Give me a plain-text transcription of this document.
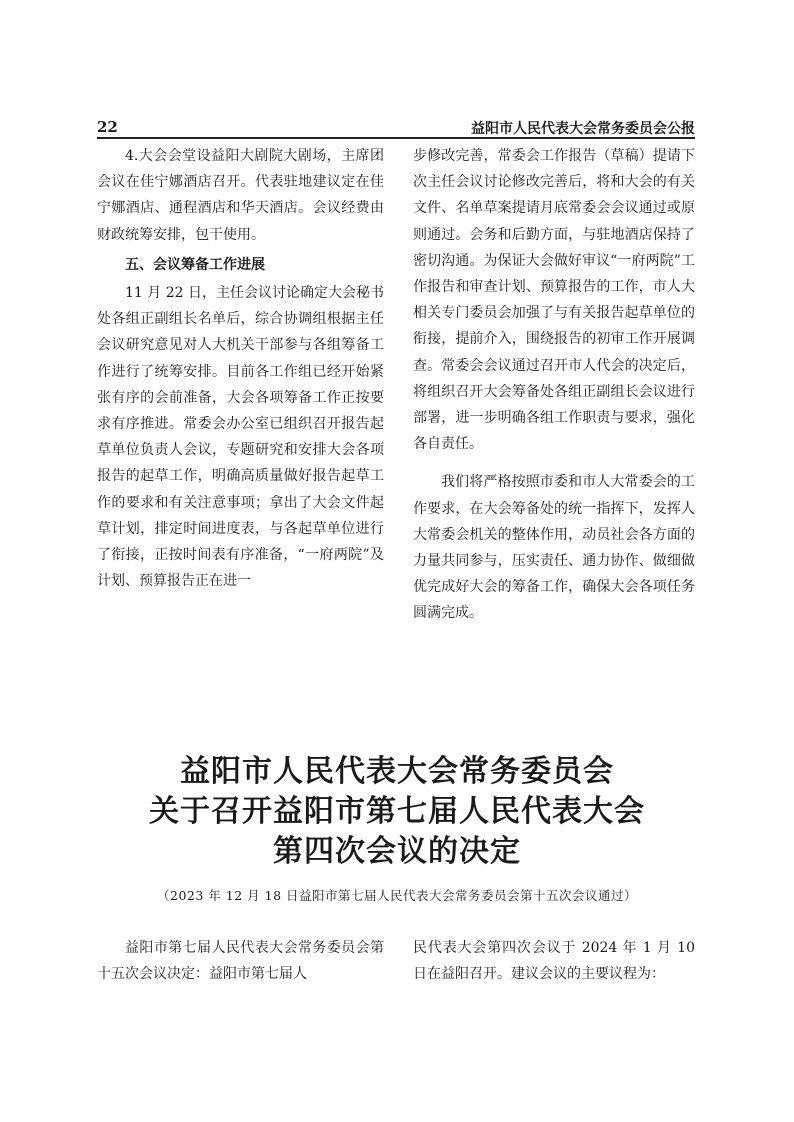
22	益阳市人民代表大会常务委员会公报

4.大会会堂设益阳大剧院大剧场，主席团会议在佳宁娜酒店召开。代表驻地建议定在佳宁娜酒店、通程酒店和华天酒店。会议经费由财政统筹安排，包干使用。

五、会议筹备工作进展

11 月 22 日，主任会议讨论确定大会秘书处各组正副组长名单后，综合协调组根据主任会议研究意见对人大机关干部参与各组筹备工作进行了统筹安排。目前各工作组已经开始紧张有序的会前准备，大会各项筹备工作正按要求有序推进。常委会办公室已组织召开报告起草单位负责人会议，专题研究和安排大会各项报告的起草工作，明确高质量做好报告起草工作的要求和有关注意事项；拿出了大会文件起草计划，排定时间进度表，与各起草单位进行了衔接，正按时间表有序准备，“一府两院”及计划、预算报告正在进一

步修改完善，常委会工作报告（草稿）提请下次主任会议讨论修改完善后，将和大会的有关文件、名单草案提请月底常委会会议通过或原则通过。会务和后勤方面，与驻地酒店保持了密切沟通。为保证大会做好审议“一府两院”工作报告和审查计划、预算报告的工作，市人大相关专门委员会加强了与有关报告起草单位的衔接，提前介入，围绕报告的初审工作开展调查。常委会会议通过召开市人代会的决定后，将组织召开大会筹备处各组正副组长会议进行部署，进一步明确各组工作职责与要求，强化各自责任。

我们将严格按照市委和市人大常委会的工作要求，在大会筹备处的统一指挥下，发挥人大常委会机关的整体作用，动员社会各方面的力量共同参与，压实责任、通力协作、做细做优完成好大会的筹备工作，确保大会各项任务圆满完成。

益阳市人民代表大会常务委员会
关于召开益阳市第七届人民代表大会
第四次会议的决定
（2023 年 12 月 18 日益阳市第七届人民代表大会常务委员会第十五次会议通过）

益阳市第七届人民代表大会常务委员会第十五次会议决定：益阳市第七届人

民代表大会第四次会议于 2024 年 1 月 10 日在益阳召开。建议会议的主要议程为：
